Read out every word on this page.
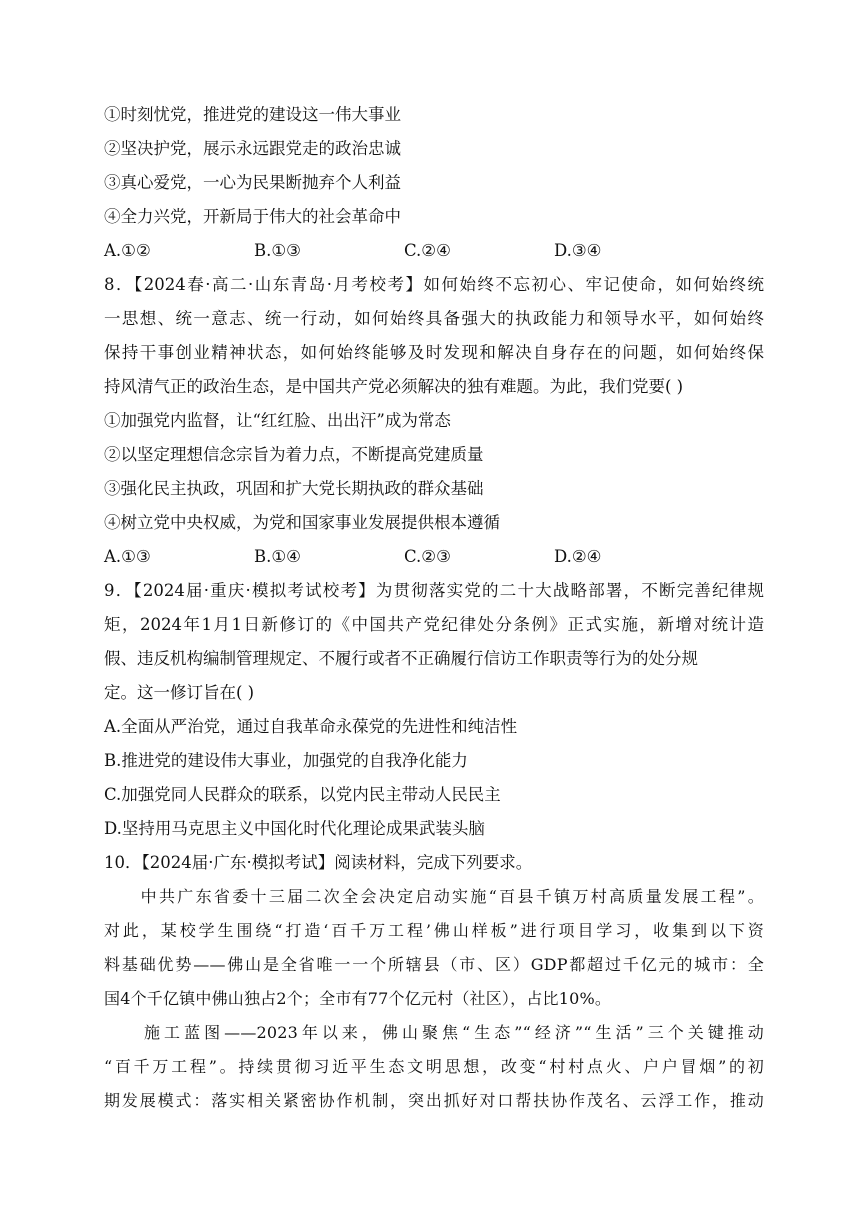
①时刻忧党，推进党的建设这一伟大事业
②坚决护党，展示永远跟党走的政治忠诚
③真心爱党，一心为民果断抛弃个人利益
④全力兴党，开新局于伟大的社会革命中
A.①②	B.①③	C.②④	D.③④
8．【2024春·高二·山东青岛·月考校考】如何始终不忘初心、牢记使命，如何始终统
一思想、统一意志、统一行动，如何始终具备强大的执政能力和领导水平，如何始终
保持干事创业精神状态，如何始终能够及时发现和解决自身存在的问题，如何始终保
持风清气正的政治生态，是中国共产党必须解决的独有难题。为此，我们党要( )
①加强党内监督，让“红红脸、出出汗”成为常态
②以坚定理想信念宗旨为着力点，不断提高党建质量
③强化民主执政，巩固和扩大党长期执政的群众基础
④树立党中央权威，为党和国家事业发展提供根本遵循
A.①③	B.①④	C.②③	D.②④
9．【2024届·重庆·模拟考试校考】为贯彻落实党的二十大战略部署，不断完善纪律规
矩，2024年1月1日新修订的《中国共产党纪律处分条例》正式实施，新增对统计造
假、违反机构编制管理规定、不履行或者不正确履行信访工作职责等行为的处分规
定。这一修订旨在( )
A.全面从严治党，通过自我革命永葆党的先进性和纯洁性
B.推进党的建设伟大事业，加强党的自我净化能力
C.加强党同人民群众的联系，以党内民主带动人民民主
D.坚持用马克思主义中国化时代化理论成果武装头脑
10．【2024届·广东·模拟考试】阅读材料，完成下列要求。
　　中共广东省委十三届二次全会决定启动实施“百县千镇万村高质量发展工程”。
对此，某校学生围绕“打造‘百千万工程’佛山样板”进行项目学习，收集到以下资
料基础优势——佛山是全省唯一一个所辖县（市、区）GDP都超过千亿元的城市：全
国4个千亿镇中佛山独占2个；全市有77个亿元村（社区），占比10%。
　　施工蓝图——2023年以来，佛山聚焦“生态”“经济”“生活”三个关键推动
“百千万工程”。持续贯彻习近平生态文明思想，改变“村村点火、户户冒烟”的初
期发展模式：落实相关紧密协作机制，突出抓好对口帮扶协作茂名、云浮工作，推动
